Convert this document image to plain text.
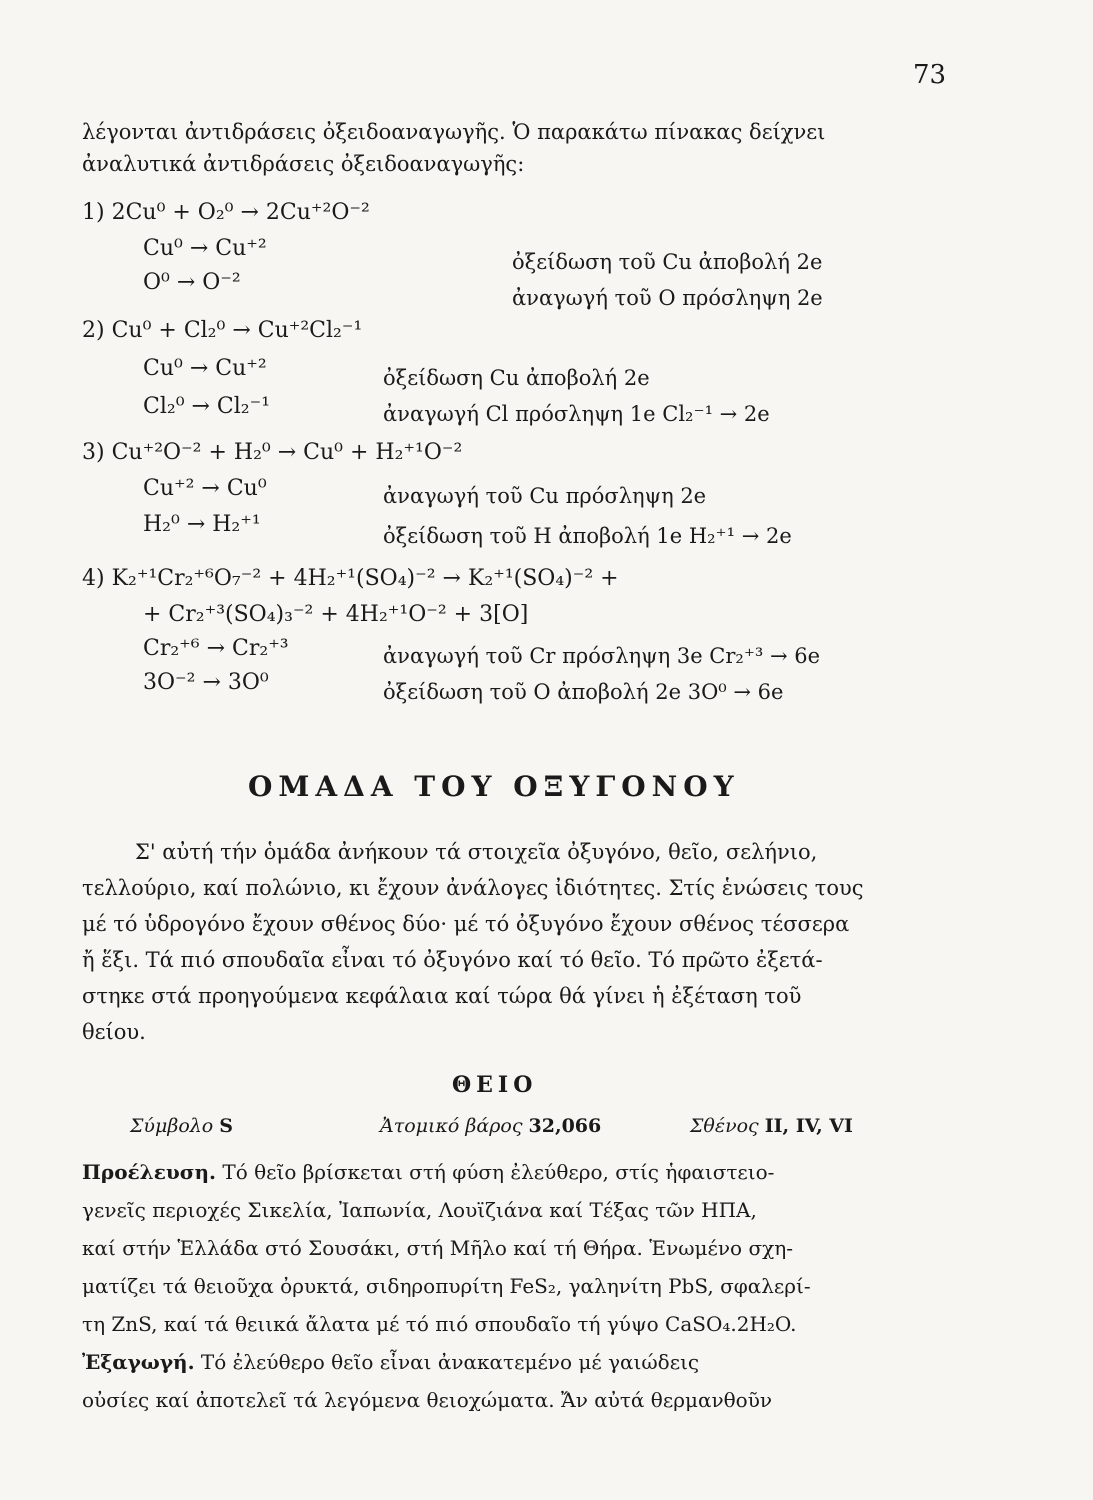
73
λέγονται ἀντιδράσεις ὀξειδοαναγωγῆς. Ὁ παρακάτω πίνακας δείχνει
ἀναλυτικά ἀντιδράσεις ὀξειδοαναγωγῆς:
1) 2Cu⁰ + O₂⁰ → 2Cu⁺²O⁻²
Cu⁰ → Cu⁺²
O⁰ → O⁻²
ὀξείδωση τοῦ Cu ἀποβολή 2e
ἀναγωγή τοῦ O πρόσληψη 2e
2) Cu⁰ + Cl₂⁰ → Cu⁺²Cl₂⁻¹
Cu⁰ → Cu⁺²
Cl₂⁰ → Cl₂⁻¹
ὀξείδωση Cu ἀποβολή 2e
ἀναγωγή Cl πρόσληψη 1e Cl₂⁻¹ → 2e
3) Cu⁺²O⁻² + H₂⁰ → Cu⁰ + H₂⁺¹O⁻²
Cu⁺² → Cu⁰
H₂⁰ → H₂⁺¹
ἀναγωγή τοῦ Cu πρόσληψη 2e
ὀξείδωση τοῦ H ἀποβολή 1e H₂⁺¹ → 2e
4) K₂⁺¹Cr₂⁺⁶O₇⁻² + 4H₂⁺¹(SO₄)⁻² → K₂⁺¹(SO₄)⁻² +
+ Cr₂⁺³(SO₄)₃⁻² + 4H₂⁺¹O⁻² + 3[O]
Cr₂⁺⁶ → Cr₂⁺³
3O⁻² → 3O⁰
ἀναγωγή τοῦ Cr πρόσληψη 3e Cr₂⁺³ → 6e
ὀξείδωση τοῦ O ἀποβολή 2e 3O⁰ → 6e
ΟΜΑΔΑ ΤΟΥ ΟΞΥΓΟΝΟΥ
Σ' αὐτή τήν ὁμάδα ἀνήκουν τά στοιχεῖα ὀξυγόνο, θεῖο, σελήνιο,
τελλούριο, καί πολώνιο, κι ἔχουν ἀνάλογες ἰδιότητες. Στίς ἑνώσεις τους
μέ τό ὑδρογόνο ἔχουν σθένος δύο· μέ τό ὀξυγόνο ἔχουν σθένος τέσσερα
ἤ ἕξι. Τά πιό σπουδαῖα εἶναι τό ὀξυγόνο καί τό θεῖο. Τό πρῶτο ἐξετά-
στηκε στά προηγούμενα κεφάλαια καί τώρα θά γίνει ἡ ἐξέταση τοῦ
θείου.
ΘΕΙΟ
Σύμβολο S	Ἀτομικό βάρος 32,066	Σθένος II, IV, VI
Προέλευση. Τό θεῖο βρίσκεται στή φύση ἐλεύθερο, στίς ἡφαιστειο-
γενεῖς περιοχές Σικελία, Ἰαπωνία, Λουϊζιάνα καί Τέξας τῶν ΗΠΑ,
καί στήν Ἑλλάδα στό Σουσάκι, στή Μῆλο καί τή Θήρα. Ἑνωμένο σχη-
ματίζει τά θειοῦχα ὀρυκτά, σιδηροπυρίτη FeS₂, γαληνίτη PbS, σφαλερί-
τη ZnS, καί τά θειικά ἄλατα μέ τό πιό σπουδαῖο τή γύψο CaSO₄.2H₂O.
Ἐξαγωγή. Τό ἐλεύθερο θεῖο εἶναι ἀνακατεμένο μέ γαιώδεις
οὐσίες καί ἀποτελεῖ τά λεγόμενα θειοχώματα. Ἄν αὐτά θερμανθοῦν
